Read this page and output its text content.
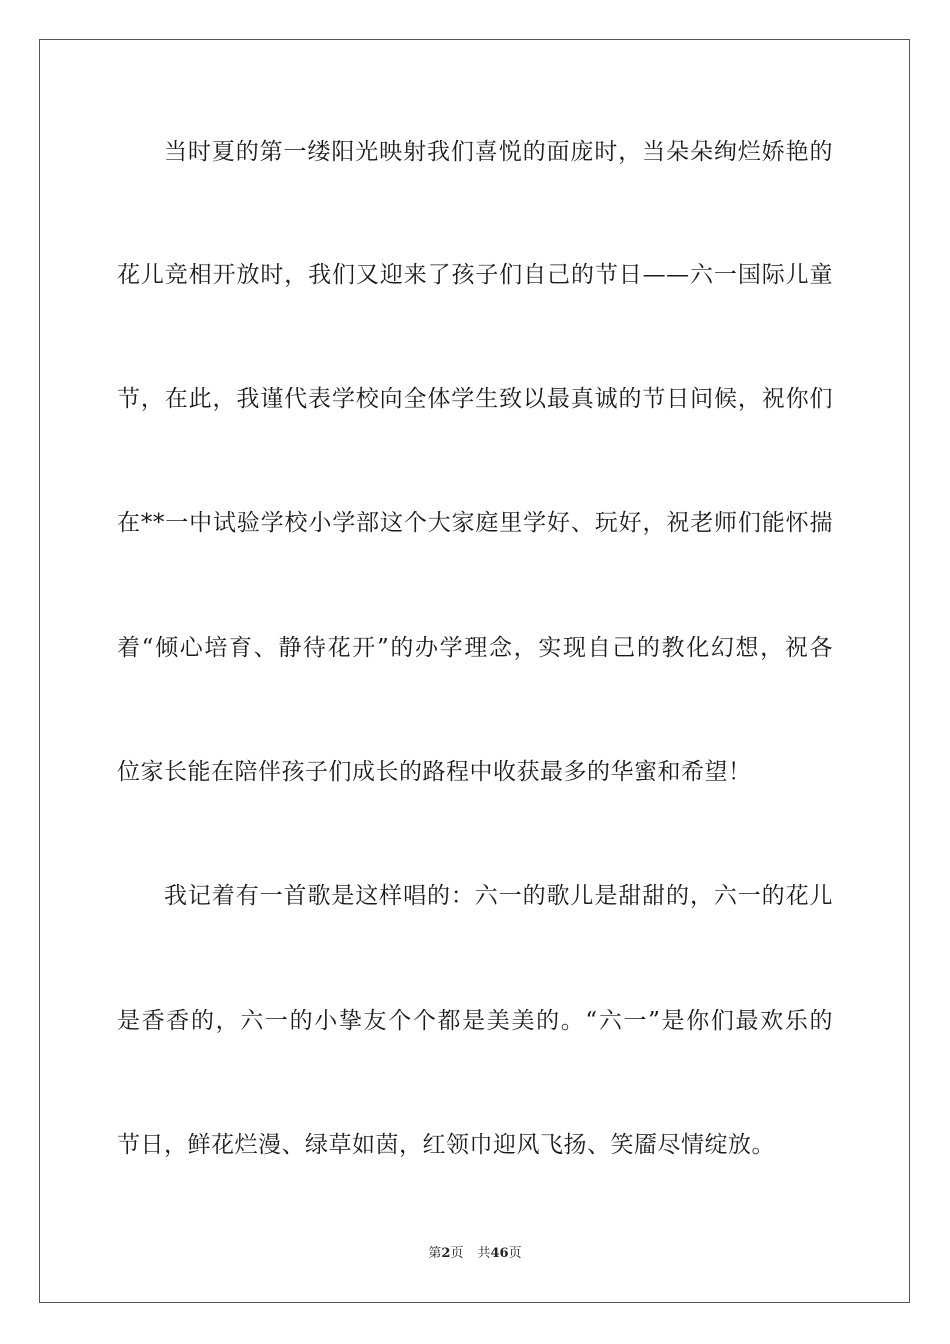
当时夏的第一缕阳光映射我们喜悦的面庞时，当朵朵绚烂娇艳的
花儿竞相开放时，我们又迎来了孩子们自己的节日——六一国际儿童
节，在此，我谨代表学校向全体学生致以最真诚的节日问候，祝你们
在**一中试验学校小学部这个大家庭里学好、玩好，祝老师们能怀揣
着“倾心培育、静待花开”的办学理念，实现自己的教化幻想，祝各
位家长能在陪伴孩子们成长的路程中收获最多的华蜜和希望！
我记着有一首歌是这样唱的：六一的歌儿是甜甜的，六一的花儿
是香香的，六一的小挚友个个都是美美的。“六一”是你们最欢乐的
节日，鲜花烂漫、绿草如茵，红领巾迎风飞扬、笑靥尽情绽放。
第2页 共46页
